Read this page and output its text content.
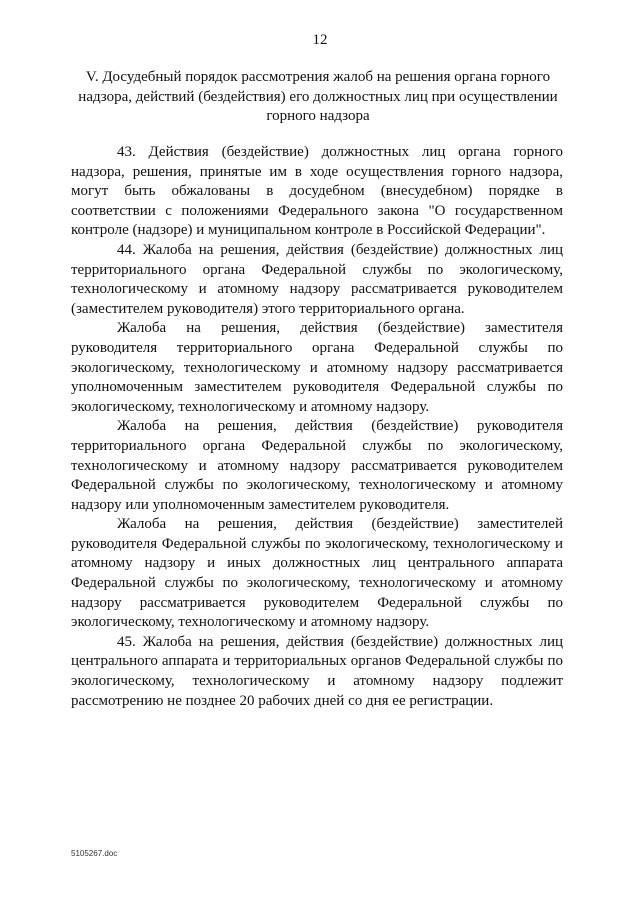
12
V. Досудебный порядок рассмотрения жалоб на решения органа горного надзора, действий (бездействия) его должностных лиц при осуществлении горного надзора

43. Действия (бездействие) должностных лиц органа горного надзора, решения, принятые им в ходе осуществления горного надзора, могут быть обжалованы в досудебном (внесудебном) порядке в соответствии с положениями Федерального закона "О государственном контроле (надзоре) и муниципальном контроле в Российской Федерации".

44. Жалоба на решения, действия (бездействие) должностных лиц территориального органа Федеральной службы по экологическому, технологическому и атомному надзору рассматривается руководителем (заместителем руководителя) этого территориального органа.

Жалоба на решения, действия (бездействие) заместителя руководителя территориального органа Федеральной службы по экологическому, технологическому и атомному надзору рассматривается уполномоченным заместителем руководителя Федеральной службы по экологическому, технологическому и атомному надзору.

Жалоба на решения, действия (бездействие) руководителя территориального органа Федеральной службы по экологическому, технологическому и атомному надзору рассматривается руководителем Федеральной службы по экологическому, технологическому и атомному надзору или уполномоченным заместителем руководителя.

Жалоба на решения, действия (бездействие) заместителей руководителя Федеральной службы по экологическому, технологическому и атомному надзору и иных должностных лиц центрального аппарата Федеральной службы по экологическому, технологическому и атомному надзору рассматривается руководителем Федеральной службы по экологическому, технологическому и атомному надзору.

45. Жалоба на решения, действия (бездействие) должностных лиц центрального аппарата и территориальных органов Федеральной службы по экологическому, технологическому и атомному надзору подлежит рассмотрению не позднее 20 рабочих дней со дня ее регистрации.

5105267.doc
